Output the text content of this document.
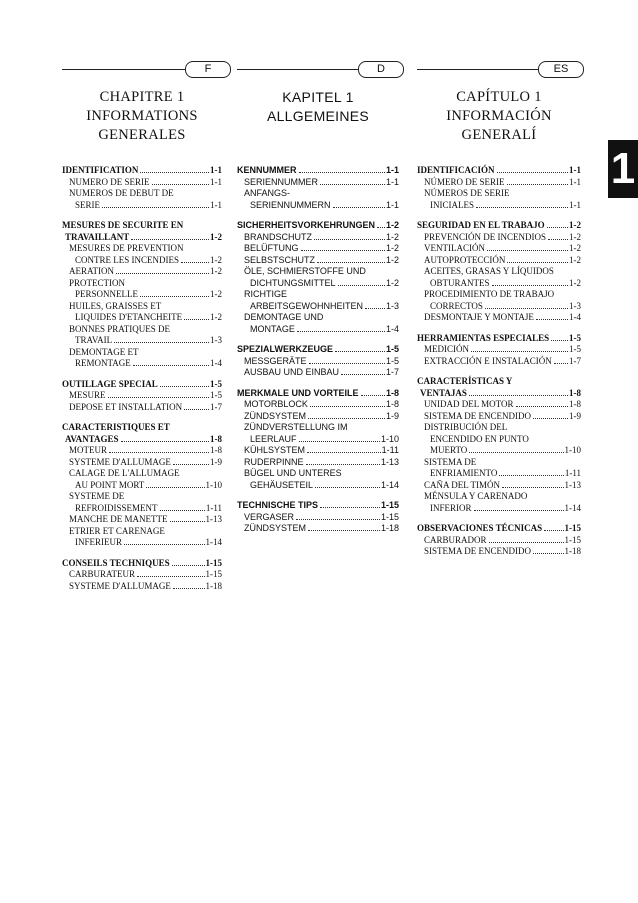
F	D	ES
CHAPITRE 1
INFORMATIONS
GENERALES
KAPITEL 1
ALLGEMEINES
CAPÍTULO 1
INFORMACIÓN
GENERALÍ
IDENTIFICATION	1-1
NUMERO DE SERIE	1-1
NUMEROS DE DEBUT DE
SERIE	1-1
MESURES DE SECURITE EN
TRAVAILLANT	1-2
MESURES DE PREVENTION
CONTRE LES INCENDIES	1-2
AERATION	1-2
PROTECTION
PERSONNELLE	1-2
HUILES, GRAISSES ET
LIQUIDES D'ETANCHEITE	1-2
BONNES PRATIQUES DE
TRAVAIL	1-3
DEMONTAGE ET
REMONTAGE	1-4
OUTILLAGE SPECIAL	1-5
MESURE	1-5
DEPOSE ET INSTALLATION	1-7
CARACTERISTIQUES ET
AVANTAGES	1-8
MOTEUR	1-8
SYSTEME D'ALLUMAGE	1-9
CALAGE DE L'ALLUMAGE
AU POINT MORT	1-10
SYSTEME DE
REFROIDISSEMENT	1-11
MANCHE DE MANETTE	1-13
ETRIER ET CARENAGE
INFERIEUR	1-14
CONSEILS TECHNIQUES	1-15
CARBURATEUR	1-15
SYSTEME D'ALLUMAGE	1-18
KENNUMMER	1-1
SERIENNUMMER	1-1
ANFANGS-
SERIENNUMMERN	1-1
SICHERHEITSVORKEHRUNGEN 1-2
BRANDSCHUTZ	1-2
BELÜFTUNG	1-2
SELBSTSCHUTZ	1-2
ÖLE, SCHMIERSTOFFE UND
DICHTUNGSMITTEL	1-2
RICHTIGE
ARBEITSGEWOHNHEITEN	1-3
DEMONTAGE UND
MONTAGE	1-4
SPEZIALWERKZEUGE	1-5
MESSGERÄTE	1-5
AUSBAU UND EINBAU	1-7
MERKMALE UND VORTEILE	1-8
MOTORBLOCK	1-8
ZÜNDSYSTEM	1-9
ZÜNDVERSTELLUNG IM
LEERLAUF	1-10
KÜHLSYSTEM	1-11
RUDERPINNE	1-13
BÜGEL UND UNTERES
GEHÄUSETEIL	1-14
TECHNISCHE TIPS	1-15
VERGASER	1-15
ZÜNDSYSTEM	1-18
IDENTIFICACIÓN	1-1
NÚMERO DE SERIE	1-1
NÚMEROS DE SERIE
INICIALES	1-1
SEGURIDAD EN EL TRABAJO	1-2
PREVENCIÓN DE INCENDIOS	1-2
VENTILACIÓN	1-2
AUTOPROTECCIÓN	1-2
ACEITES, GRASAS Y LÍQUIDOS
OBTURANTES	1-2
PROCEDIMIENTO DE TRABAJO
CORRECTOS	1-3
DESMONTAJE Y MONTAJE	1-4
HERRAMIENTAS ESPECIALES 1-5
MEDICIÓN	1-5
EXTRACCIÓN E INSTALACIÓN 1-7
CARACTERÍSTICAS Y
VENTAJAS	1-8
UNIDAD DEL MOTOR	1-8
SISTEMA DE ENCENDIDO	1-9
DISTRIBUCIÓN DEL
ENCENDIDO EN PUNTO
MUERTO	1-10
SISTEMA DE
ENFRIAMIENTO	1-11
CAÑA DEL TIMÓN	1-13
MÉNSULA Y CARENADO
INFERIOR	1-14
OBSERVACIONES TÉCNICAS 1-15
CARBURADOR	1-15
SISTEMA DE ENCENDIDO	1-18
1
